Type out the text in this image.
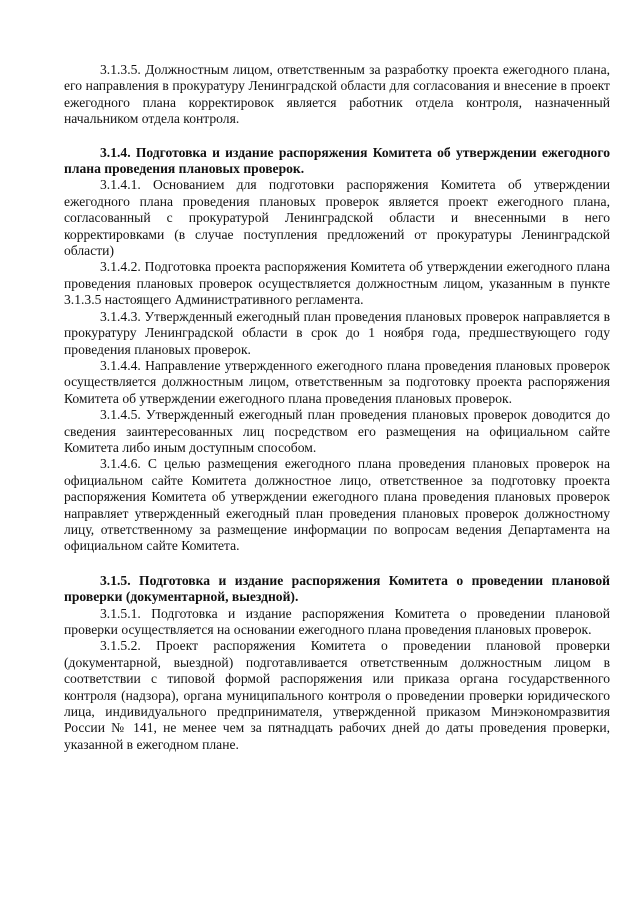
3.1.3.5. Должностным лицом, ответственным за разработку проекта ежегодного плана, его направления в прокуратуру Ленинградской области для согласования и внесение в проект ежегодного плана корректировок является работник отдела контроля, назначенный начальником отдела контроля.

3.1.4. Подготовка и издание распоряжения Комитета об утверждении ежегодного плана проведения плановых проверок.

3.1.4.1. Основанием для подготовки распоряжения Комитета об утверждении ежегодного плана проведения плановых проверок является проект ежегодного плана, согласованный с прокуратурой Ленинградской области и внесенными в него корректировками (в случае поступления предложений от прокуратуры Ленинградской области)

3.1.4.2. Подготовка проекта распоряжения Комитета об утверждении ежегодного плана проведения плановых проверок осуществляется должностным лицом, указанным в пункте 3.1.3.5 настоящего Административного регламента.

3.1.4.3. Утвержденный ежегодный план проведения плановых проверок направляется в прокуратуру Ленинградской области в срок до 1 ноября года, предшествующего году проведения плановых проверок.

3.1.4.4. Направление утвержденного ежегодного плана проведения плановых проверок осуществляется должностным лицом, ответственным за подготовку проекта распоряжения Комитета об утверждении ежегодного плана проведения плановых проверок.

3.1.4.5. Утвержденный ежегодный план проведения плановых проверок доводится до сведения заинтересованных лиц посредством его размещения на официальном сайте Комитета либо иным доступным способом.

3.1.4.6. С целью размещения ежегодного плана проведения плановых проверок на официальном сайте Комитета должностное лицо, ответственное за подготовку проекта распоряжения Комитета об утверждении ежегодного плана проведения плановых проверок направляет утвержденный ежегодный план проведения плановых проверок должностному лицу, ответственному за размещение информации по вопросам ведения Департамента на официальном сайте Комитета.

3.1.5. Подготовка и издание распоряжения Комитета о проведении плановой проверки (документарной, выездной).

3.1.5.1. Подготовка и издание распоряжения Комитета о проведении плановой проверки осуществляется на основании ежегодного плана проведения плановых проверок.

3.1.5.2. Проект распоряжения Комитета о проведении плановой проверки (документарной, выездной) подготавливается ответственным должностным лицом в соответствии с типовой формой распоряжения или приказа органа государственного контроля (надзора), органа муниципального контроля о проведении проверки юридического лица, индивидуального предпринимателя, утвержденной приказом Минэкономразвития России № 141, не менее чем за пятнадцать рабочих дней до даты проведения проверки, указанной в ежегодном плане.
